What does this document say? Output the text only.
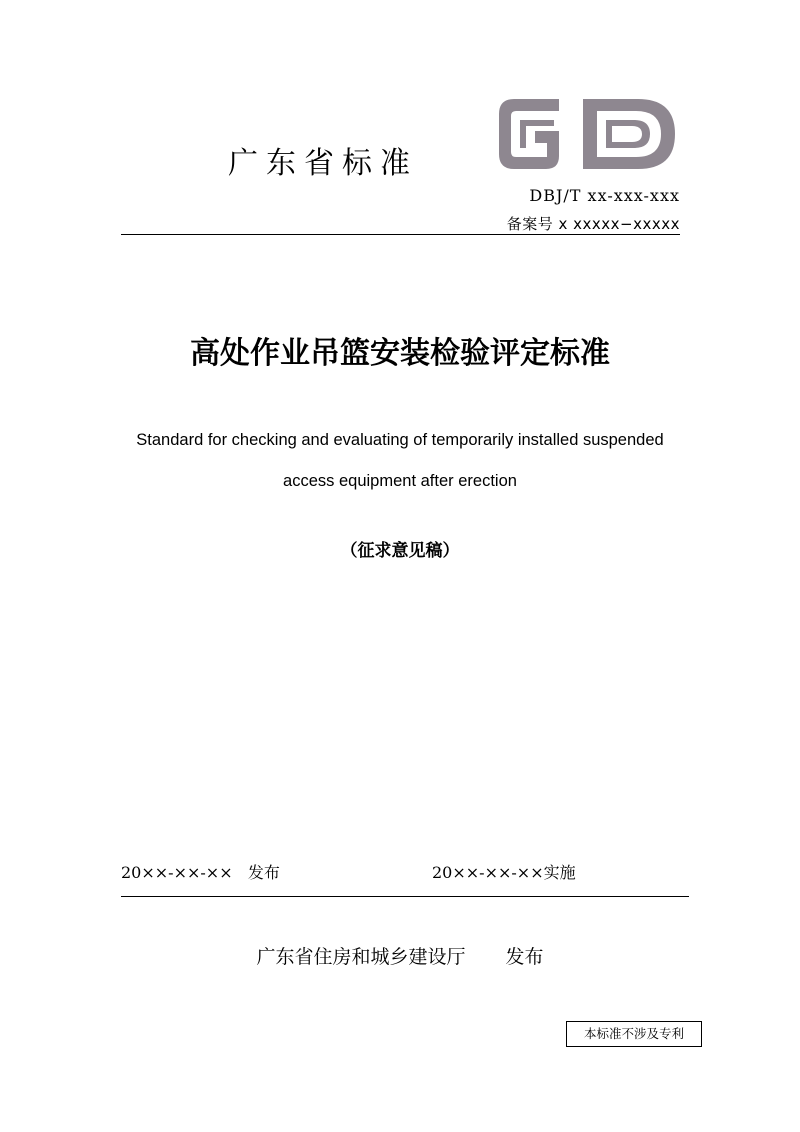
广东省标准
DBJ/T xx-xxx-xxx
备案号 x xxxxx−xxxxx
高处作业吊篮安装检验评定标准
Standard for checking and evaluating of temporarily installed suspended
access equipment after erection
（征求意见稿）
20××-××-××   发布	20××-××-××实施
广东省住房和城乡建设厅 发布
本标准不涉及专利
